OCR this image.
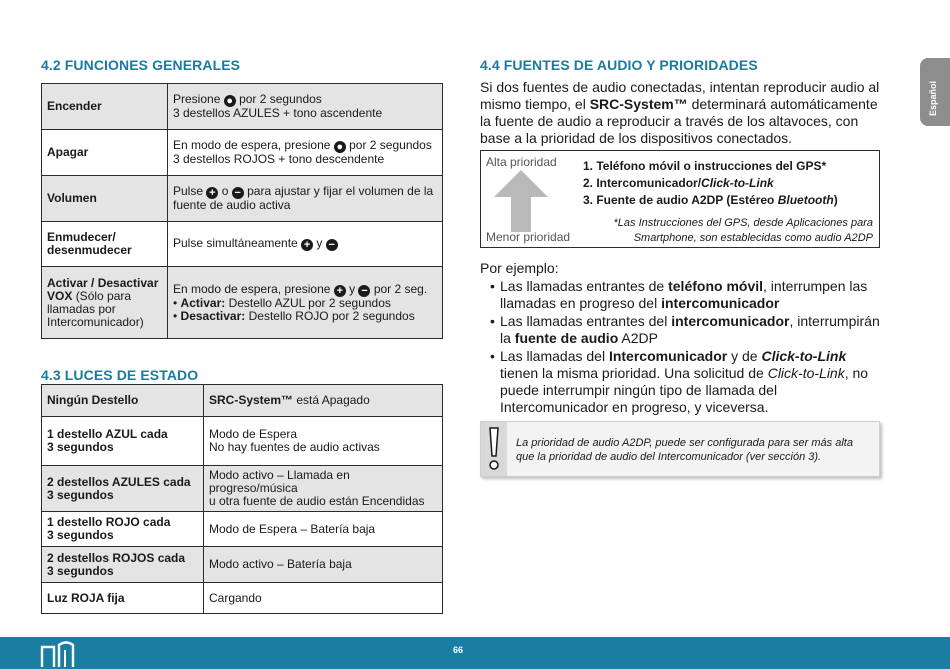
Español
4.2 FUNCIONES GENERALES
Encender	Presione ● por 2 segundos
3 destellos AZULES + tono ascendente
Apagar	En modo de espera, presione ● por 2 segundos
3 destellos ROJOS + tono descendente
Volumen	Pulse + o − para ajustar y fijar el volumen de la fuente de audio activa
Enmudecer/
desenmudecer	Pulse simultáneamente + y −
Activar / Desactivar VOX (Sólo para llamadas por Intercomunicador)	En modo de espera, presione + y − por 2 seg.
• Activar: Destello AZUL por 2 segundos
• Desactivar: Destello ROJO por 2 segundos
4.3 LUCES DE ESTADO
Ningún Destello	SRC-System™ está Apagado
1 destello AZUL cada
3 segundos	Modo de Espera
No hay fuentes de audio activas
2 destellos AZULES cada
3 segundos	Modo activo – Llamada en progreso/música
u otra fuente de audio están Encendidas
1 destello ROJO cada
3 segundos	Modo de Espera – Batería baja
2 destellos ROJOS cada
3 segundos	Modo activo – Batería baja
Luz ROJA fija	Cargando
4.4 FUENTES DE AUDIO Y PRIORIDADES
Si dos fuentes de audio conectadas, intentan reproducir audio al mismo tiempo, el SRC-System™ determinará automáticamente la fuente de audio a reproducir a través de los altavoces, con base a la prioridad de los dispositivos conectados.
Alta prioridad
Menor prioridad
1. Teléfono móvil o instrucciones del GPS*
2. Intercomunicador/Click-to-Link
3. Fuente de audio A2DP (Estéreo Bluetooth)
*Las Instrucciones del GPS, desde Aplicaciones para
Smartphone, son establecidas como audio A2DP
Por ejemplo:
• Las llamadas entrantes de teléfono móvil, interrumpen las llamadas en progreso del intercomunicador
• Las llamadas entrantes del intercomunicador, interrumpirán la fuente de audio A2DP
• Las llamadas del Intercomunicador y de Click-to-Link tienen la misma prioridad. Una solicitud de Click-to-Link, no puede interrumpir ningún tipo de llamada del Intercomunicador en progreso, y viceversa.
La prioridad de audio A2DP, puede ser configurada para ser más alta que la prioridad de audio del Intercomunicador (ver sección 3).
66
